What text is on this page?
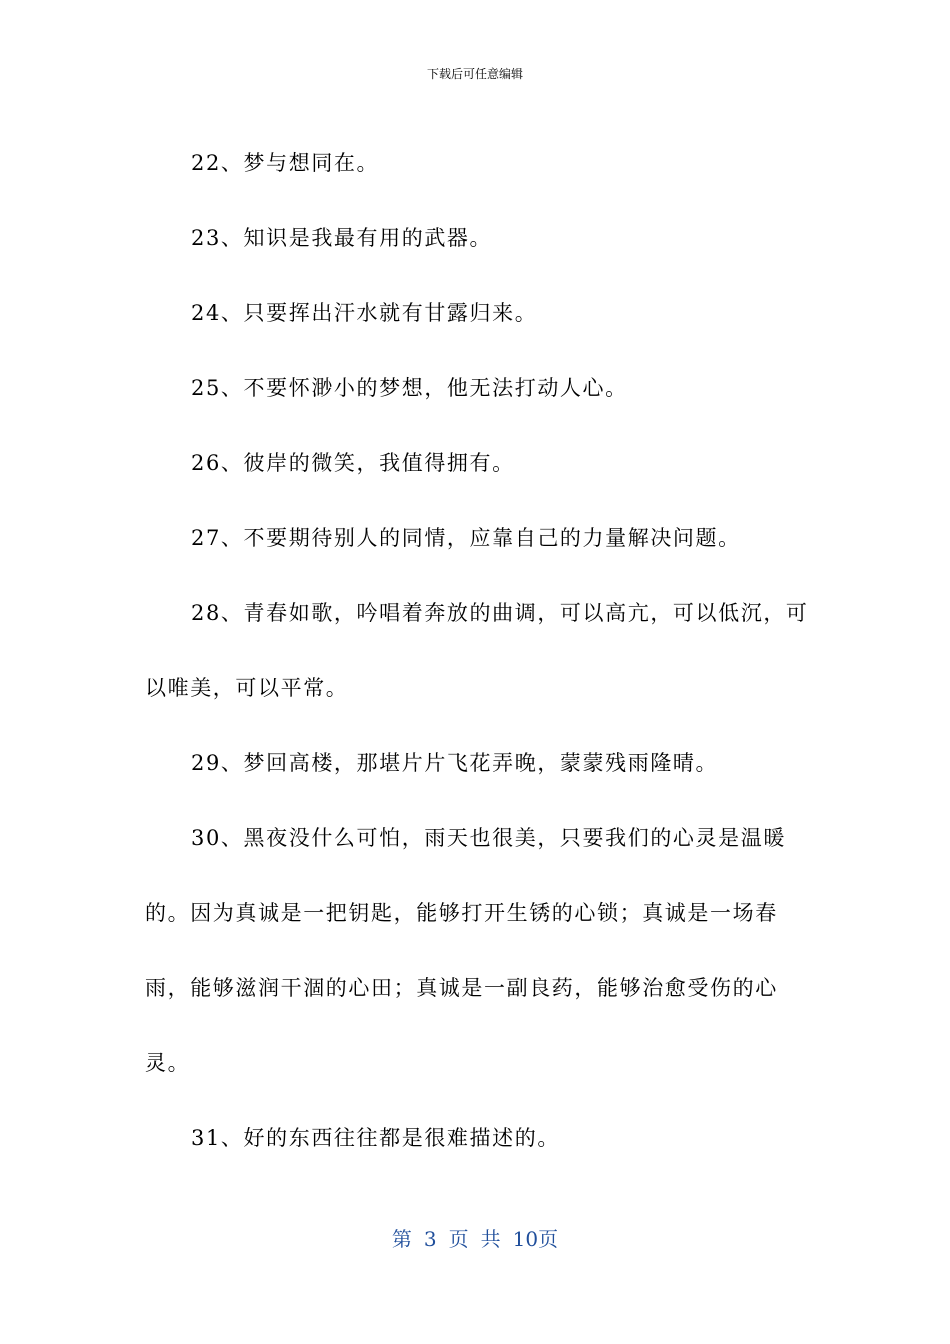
下载后可任意编辑

22、梦与想同在。

23、知识是我最有用的武器。

24、只要挥出汗水就有甘露归来。

25、不要怀渺小的梦想，他无法打动人心。

26、彼岸的微笑，我值得拥有。

27、不要期待别人的同情，应靠自己的力量解决问题。

28、青春如歌，吟唱着奔放的曲调，可以高亢，可以低沉，可以唯美，可以平常。

29、梦回高楼，那堪片片飞花弄晚，蒙蒙残雨隆晴。

30、黑夜没什么可怕，雨天也很美，只要我们的心灵是温暖的。因为真诚是一把钥匙，能够打开生锈的心锁；真诚是一场春雨，能够滋润干涸的心田；真诚是一副良药，能够治愈受伤的心灵。

31、好的东西往往都是很难描述的。

第 3 页 共 10页
